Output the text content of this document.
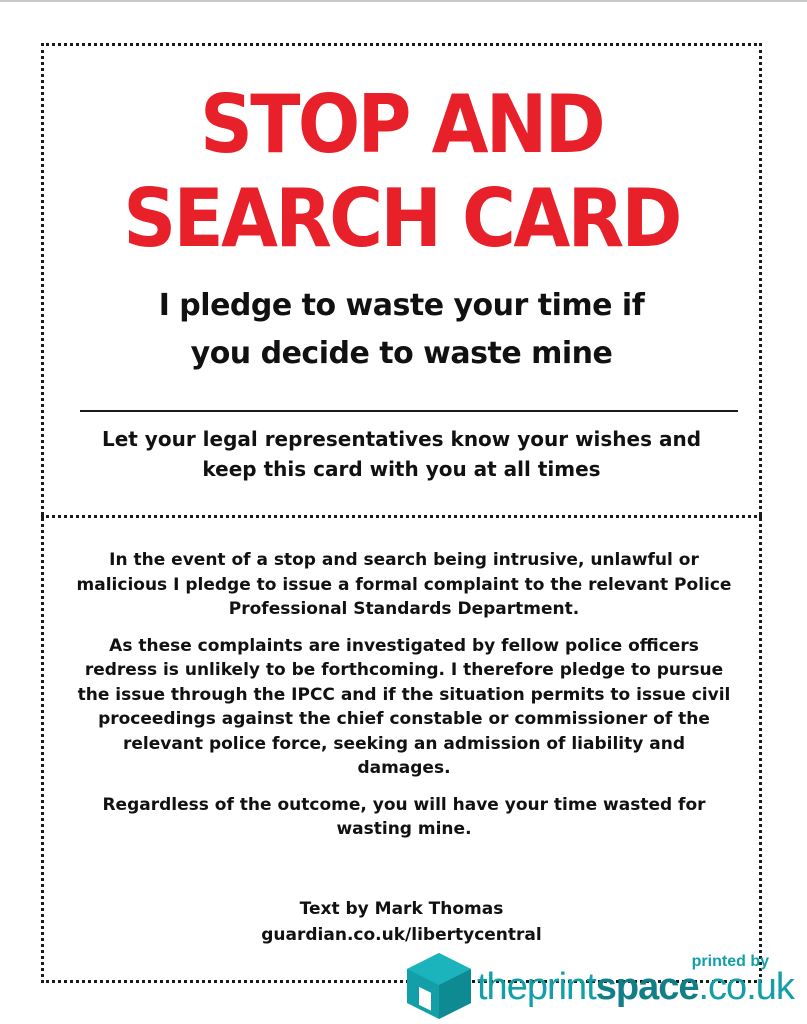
STOP AND
SEARCH CARD
I pledge to waste your time if
you decide to waste mine

Let your legal representatives know your wishes and
keep this card with you at all times

In the event of a stop and search being intrusive, unlawful or malicious I pledge to issue a formal complaint to the relevant Police Professional Standards Department.

As these complaints are investigated by fellow police officers redress is unlikely to be forthcoming. I therefore pledge to pursue the issue through the IPCC and if the situation permits to issue civil proceedings against the chief constable or commissioner of the relevant police force, seeking an admission of liability and damages.

Regardless of the outcome, you will have your time wasted for wasting mine.

Text by Mark Thomas
guardian.co.uk/libertycentral
printed by
theprintspace.co.uk
